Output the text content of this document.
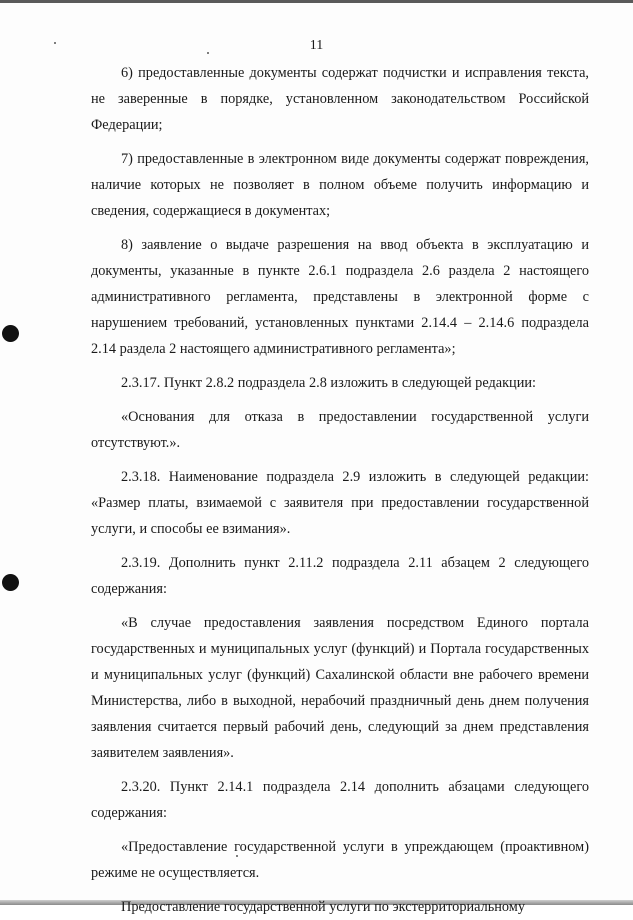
11

6) предоставленные документы содержат подчистки и исправления текста, не заверенные в порядке, установленном законодательством Российской Федерации;

7) предоставленные в электронном виде документы содержат повреждения, наличие которых не позволяет в полном объеме получить информацию и сведения, содержащиеся в документах;

8) заявление о выдаче разрешения на ввод объекта в эксплуатацию и документы, указанные в пункте 2.6.1 подраздела 2.6 раздела 2 настоящего административного регламента, представлены в электронной форме с нарушением требований, установленных пунктами 2.14.4 – 2.14.6 подраздела 2.14 раздела 2 настоящего административного регламента»;

2.3.17. Пункт 2.8.2 подраздела 2.8 изложить в следующей редакции:

«Основания для отказа в предоставлении государственной услуги отсутствуют.».

2.3.18. Наименование подраздела 2.9 изложить в следующей редакции: «Размер платы, взимаемой с заявителя при предоставлении государственной услуги, и способы ее взимания».

2.3.19. Дополнить пункт 2.11.2 подраздела 2.11 абзацем 2 следующего содержания:

«В случае предоставления заявления посредством Единого портала государственных и муниципальных услуг (функций) и Портала государственных и муниципальных услуг (функций) Сахалинской области вне рабочего времени Министерства, либо в выходной, нерабочий праздничный день днем получения заявления считается первый рабочий день, следующий за днем представления заявителем заявления».

2.3.20. Пункт 2.14.1 подраздела 2.14 дополнить абзацами следующего содержания:

«Предоставление государственной услуги в упреждающем (проактивном) режиме не осуществляется.

Предоставление государственной услуги по экстерриториальному
